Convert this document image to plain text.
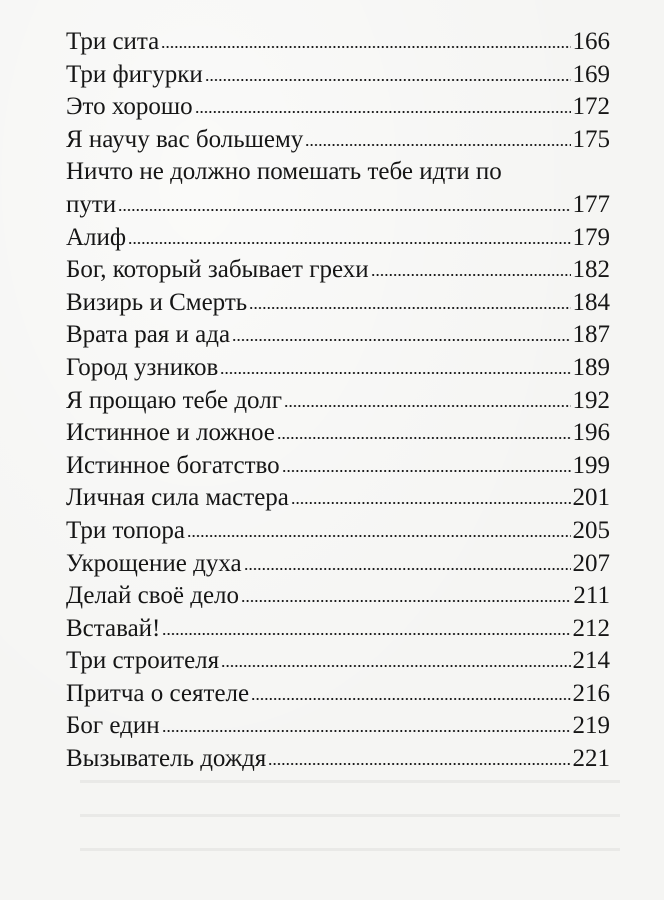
Три сита	166
Три фигурки	169
Это хорошо	172
Я научу вас большему	175
Ничто не должно помешать тебе идти по
пути	177
Алиф	179
Бог, который забывает грехи	182
Визирь и Смерть	184
Врата рая и ада	187
Город узников	189
Я прощаю тебе долг	192
Истинное и ложное	196
Истинное богатство	199
Личная сила мастера	201
Три топора	205
Укрощение духа	207
Делай своё дело	211
Вставай!	212
Три строителя	214
Притча о сеятеле	216
Бог един	219
Вызыватель дождя	221
